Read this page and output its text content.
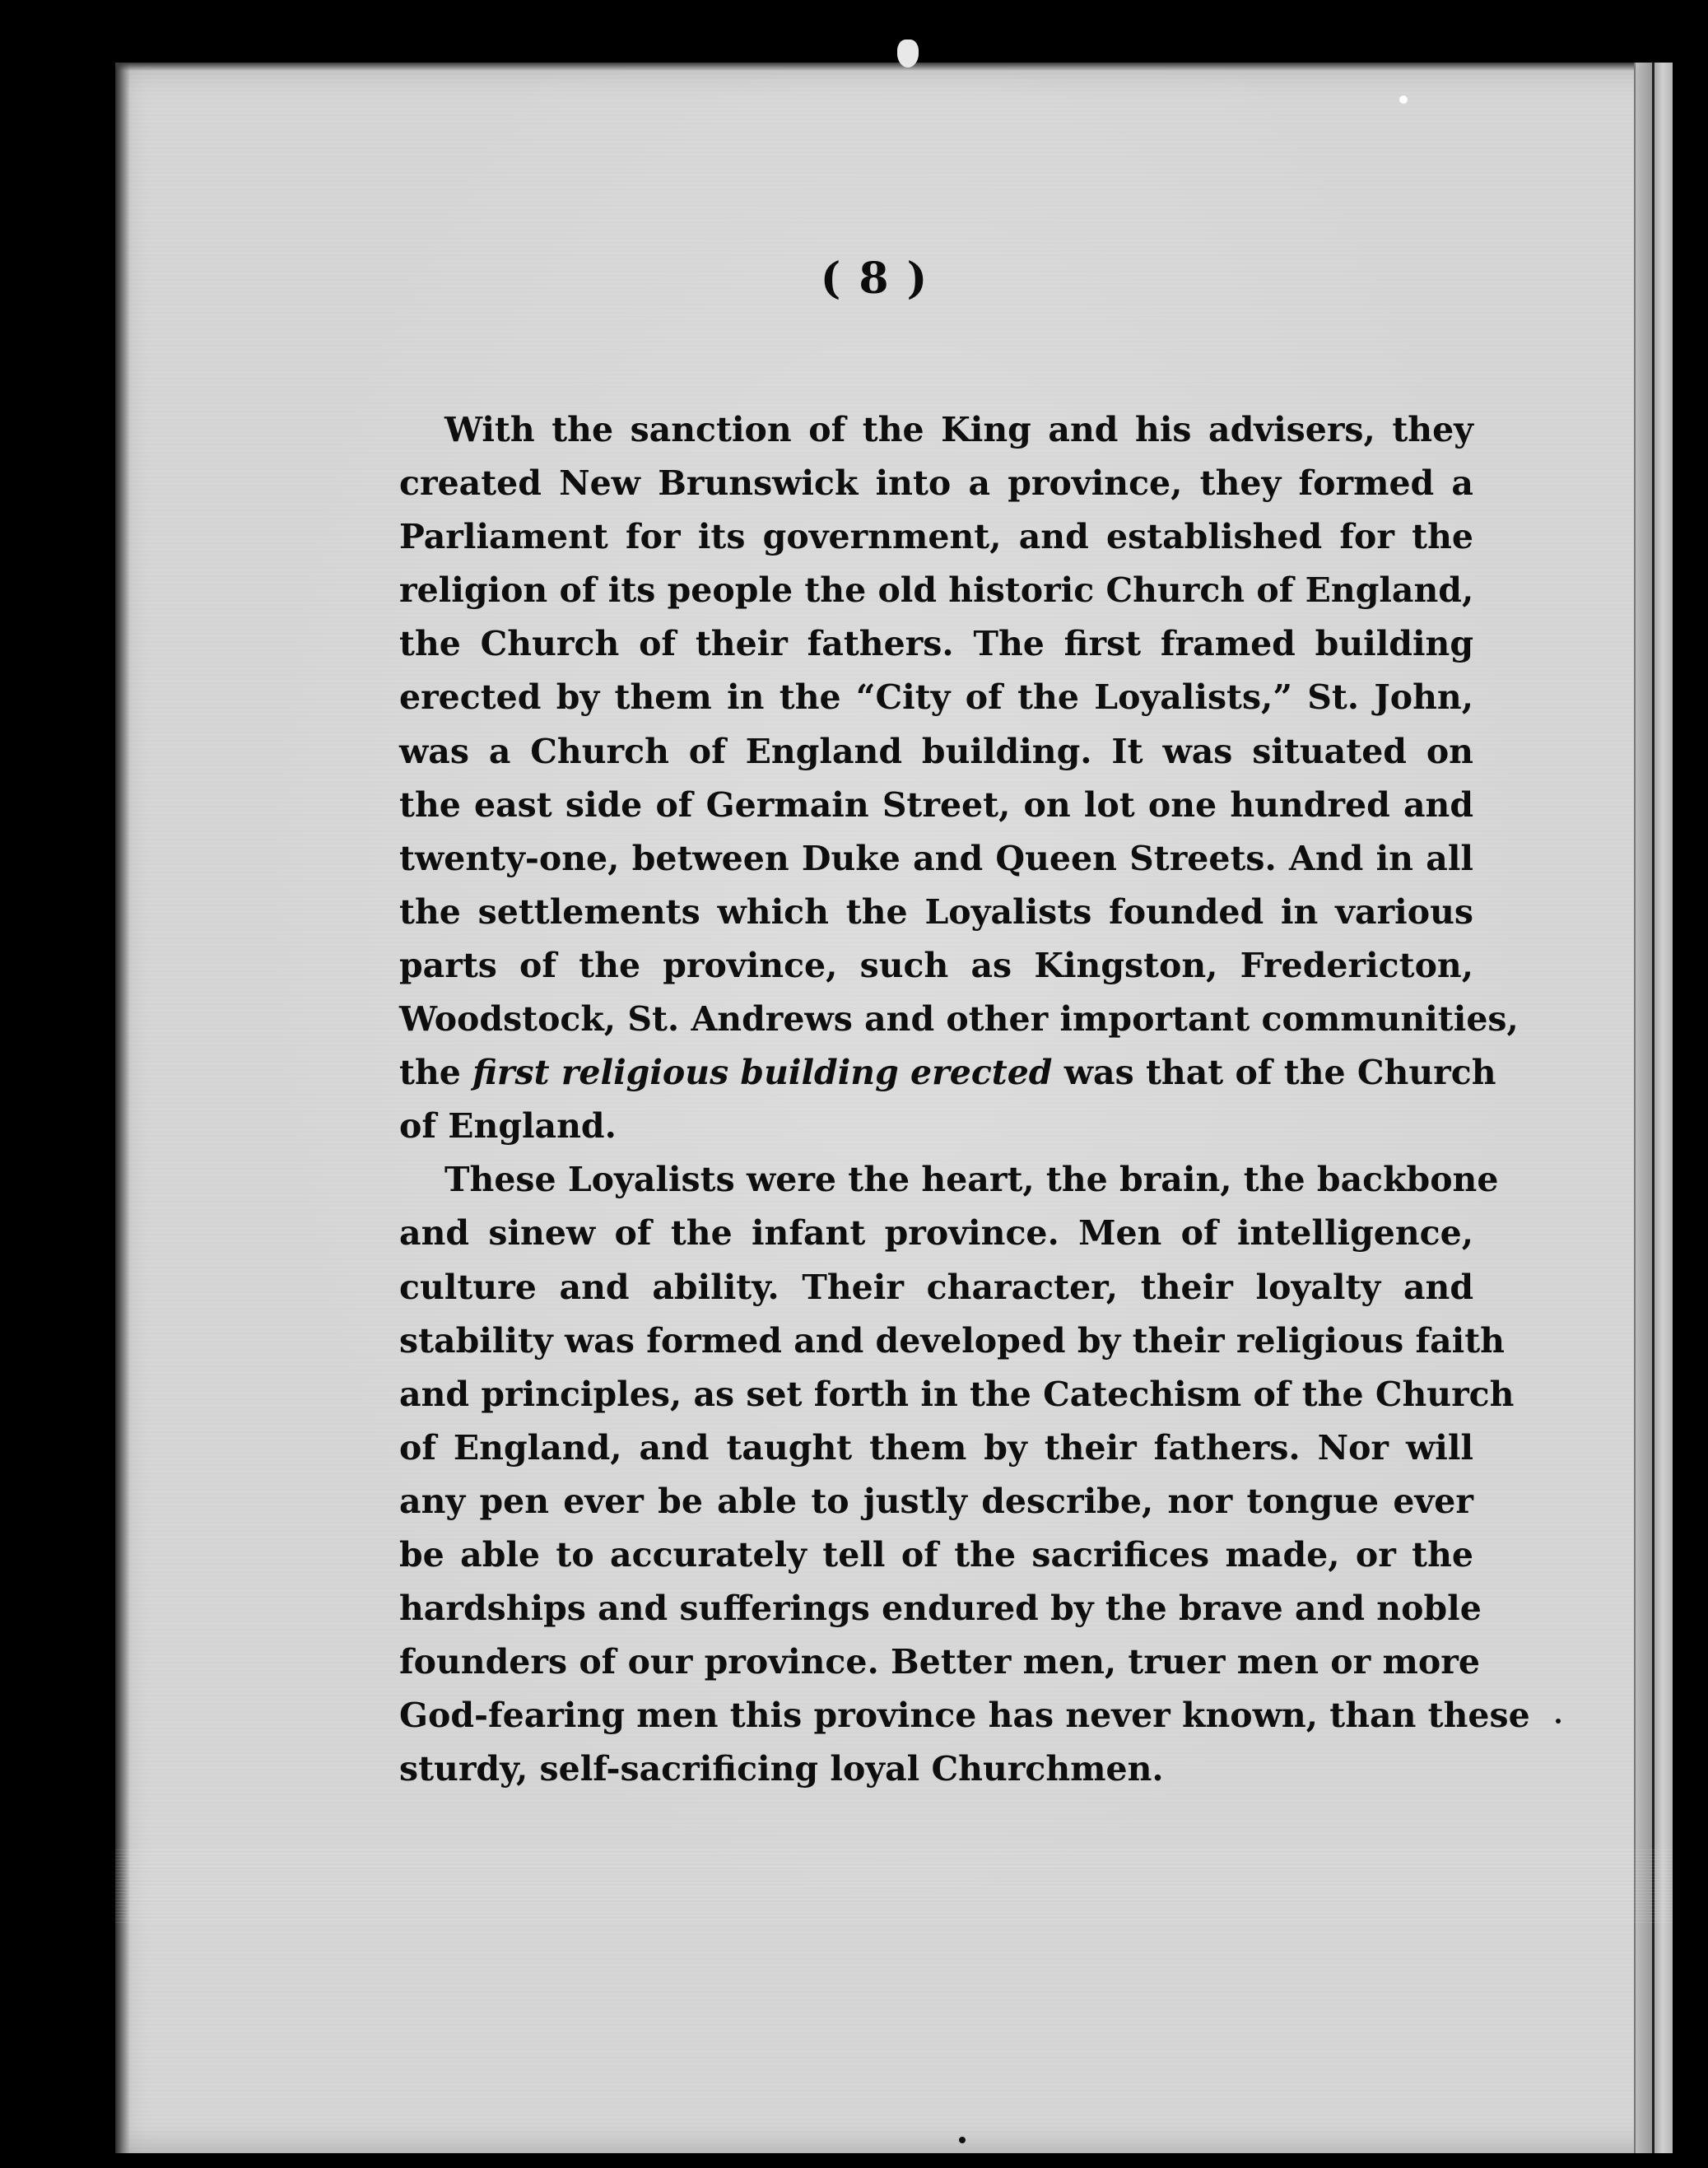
( 8 )
With the sanction of the King and his advisers, they
created New Brunswick into a province, they formed a
Parliament for its government, and established for the
religion of its people the old historic Church of England,
the Church of their fathers. The first framed building
erected by them in the “City of the Loyalists,” St. John,
was a Church of England building. It was situated on
the east side of Germain Street, on lot one hundred and
twenty-one, between Duke and Queen Streets. And in all
the settlements which the Loyalists founded in various
parts of the province, such as Kingston, Fredericton,
Woodstock, St. Andrews and other important communities,
the first religious building erected was that of the Church
of England.
These Loyalists were the heart, the brain, the backbone
and sinew of the infant province. Men of intelligence,
culture and ability. Their character, their loyalty and
stability was formed and developed by their religious faith
and principles, as set forth in the Catechism of the Church
of England, and taught them by their fathers. Nor will
any pen ever be able to justly describe, nor tongue ever
be able to accurately tell of the sacrifices made, or the
hardships and sufferings endured by the brave and noble
founders of our province. Better men, truer men or more
God-fearing men this province has never known, than these
sturdy, self-sacrificing loyal Churchmen.
